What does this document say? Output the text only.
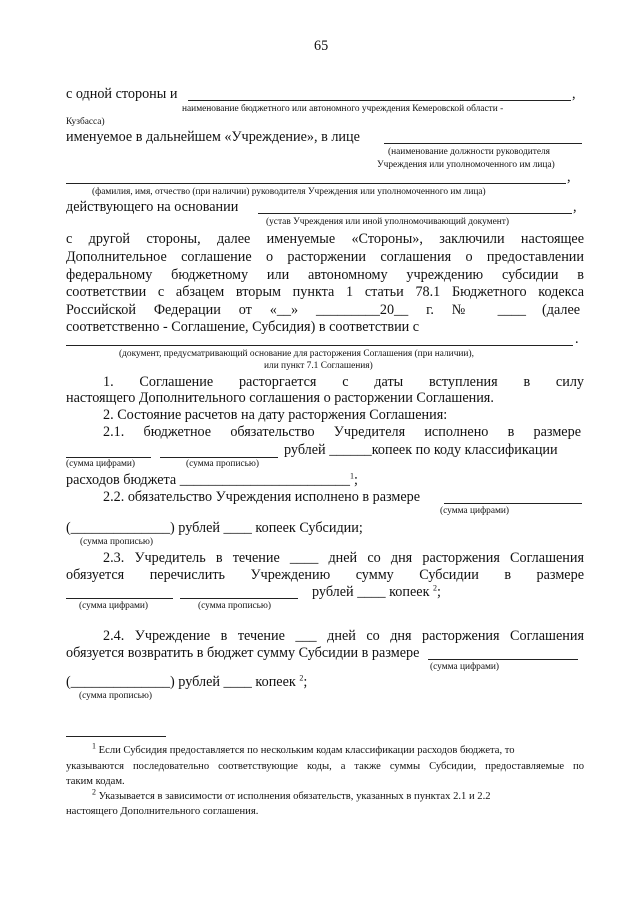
65
с одной стороны и	,
наименование бюджетного или автономного учреждения Кемеровской области -
Кузбасса)
именуемое в дальнейшем «Учреждение», в лице
(наименование должности руководителя
Учреждения или уполномоченного им лица)
,
(фамилия, имя, отчество (при наличии) руководителя Учреждения или уполномоченного им лица)
действующего на основании	,
(устав Учреждения или иной уполномочивающий документ)
с другой стороны, далее именуемые «Стороны», заключили настоящее
Дополнительное соглашение о расторжении соглашения о предоставлении
федеральному бюджетному или автономному учреждению субсидии в
соответствии с абзацем вторым пункта 1 статьи 78.1 Бюджетного кодекса
Российской Федерации от «__» _________20__ г. № ____ (далее
соответственно - Соглашение, Субсидия) в соответствии с
.
(документ, предусматривающий основание для расторжения Соглашения (при наличии),
или пункт 7.1 Соглашения)
1. Соглашение расторгается с даты вступления в силу
настоящего Дополнительного соглашения о расторжении Соглашения.
2. Состояние расчетов на дату расторжения Соглашения:
2.1. бюджетное обязательство Учредителя исполнено в размере
рублей ______копеек по коду классификации
(сумма цифрами)	(сумма прописью)
расходов бюджета ________________________$^1$;
2.2. обязательство Учреждения исполнено в размере
(сумма цифрами)
(______________) рублей ____ копеек Субсидии;
(сумма прописью)
2.3. Учредитель в течение ____ дней со дня расторжения Соглашения
обязуется перечислить Учреждению сумму Субсидии в размере
рублей ____ копеек $^2$;
(сумма цифрами)	(сумма прописью)
2.4. Учреждение в течение ___ дней со дня расторжения Соглашения
обязуется возвратить в бюджет сумму Субсидии в размере
(сумма цифрами)
(______________) рублей ____ копеек $^2$;
(сумма прописью)
$^1$ Если Субсидия предоставляется по нескольким кодам классификации расходов бюджета, то
указываются последовательно соответствующие коды, а также суммы Субсидии, предоставляемые по
таким кодам.
$^2$ Указывается в зависимости от исполнения обязательств, указанных в пунктах 2.1 и 2.2
настоящего Дополнительного соглашения.
